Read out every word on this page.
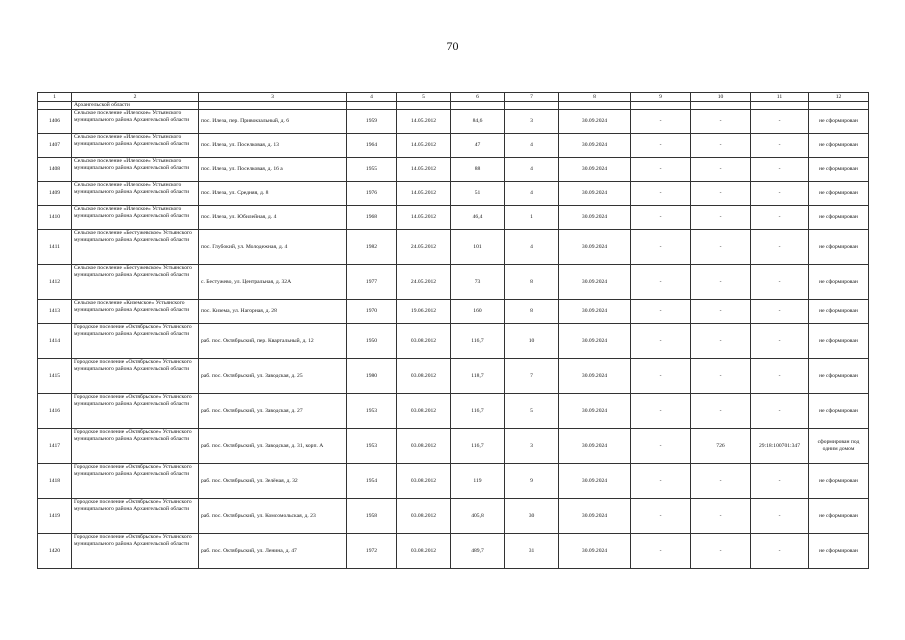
70
1	2	3	4	5	6	7	8	9	10	11	12
	Архангельской области										
1406	Сельское поселение «Илезское» Устьянского муниципального района Архангельской области	пос. Илеза, пер. Привокзальный, д. 6	1959	14.05.2012	84,6	3	30.09.2024	-	-	-	не сформирован
1407	Сельское поселение «Илезское» Устьянского муниципального района Архангельской области	пос. Илеза, ул. Поселковая, д. 13	1964	14.05.2012	47	4	30.09.2024	-	-	-	не сформирован
1408	Сельское поселение «Илезское» Устьянского муниципального района Архангельской области	пос. Илеза, ул. Поселковая, д. 16 а	1955	14.05.2012	88	4	30.09.2024	-	-	-	не сформирован
1409	Сельское поселение «Илезское» Устьянского муниципального района Архангельской области	пос. Илеза, ул. Средняя, д. 8	1976	14.05.2012	51	4	30.09.2024	-	-	-	не сформирован
1410	Сельское поселение «Илезское» Устьянского муниципального района Архангельской области	пос. Илеза, ул. Юбилейная, д. 4	1968	14.05.2012	46,4	1	30.09.2024	-	-	-	не сформирован
1411	Сельское поселение «Бестужевское» Устьянского муниципального района Архангельской области	пос. Глубокий, ул. Молодежная, д. 4	1982	24.05.2012	101	4	30.09.2024	-	-	-	не сформирован
1412	Сельское поселение «Бестужевское» Устьянского муниципального района Архангельской области	с. Бестужево, ул. Центральная, д. 32А	1977	24.05.2012	73	8	30.09.2024	-	-	-	не сформирован
1413	Сельское поселение «Киземское» Устьянского муниципального района Архангельской области	пос. Кизема, ул. Нагорная, д. 28	1970	19.06.2012	160	8	30.09.2024	-	-	-	не сформирован
1414	Городское поселение «Октябрьское» Устьянского муниципального района Архангельской области	раб. пос. Октябрьский, пер. Квартальный, д. 12	1950	03.08.2012	116,7	10	30.09.2024	-	-	-	не сформирован
1415	Городское поселение «Октябрьское» Устьянского муниципального района Архангельской области	раб. пос. Октябрьский, ул. Заводская, д. 25	1980	03.08.2012	118,7	7	30.09.2024	-	-	-	не сформирован
1416	Городское поселение «Октябрьское» Устьянского муниципального района Архангельской области	раб. пос. Октябрьский, ул. Заводская, д. 27	1953	03.08.2012	116,7	5	30.09.2024	-	-	-	не сформирован
1417	Городское поселение «Октябрьское» Устьянского муниципального района Архангельской области	раб. пос. Октябрьский, ул. Заводская, д. 31, корп. А	1953	03.08.2012	116,7	3	30.09.2024	-	726	29:18:100701:347	сформирован под одним домом
1418	Городское поселение «Октябрьское» Устьянского муниципального района Архангельской области	раб. пос. Октябрьский, ул. Зелёная, д. 32	1954	03.08.2012	119	9	30.09.2024	-	-	-	не сформирован
1419	Городское поселение «Октябрьское» Устьянского муниципального района Архангельской области	раб. пос. Октябрьский, ул. Комсомольская, д. 23	1958	03.08.2012	405,8	30	30.09.2024	-	-	-	не сформирован
1420	Городское поселение «Октябрьское» Устьянского муниципального района Архангельской области	раб. пос. Октябрьский, ул. Ленина, д. 47	1972	03.08.2012	489,7	31	30.09.2024	-	-	-	не сформирован
